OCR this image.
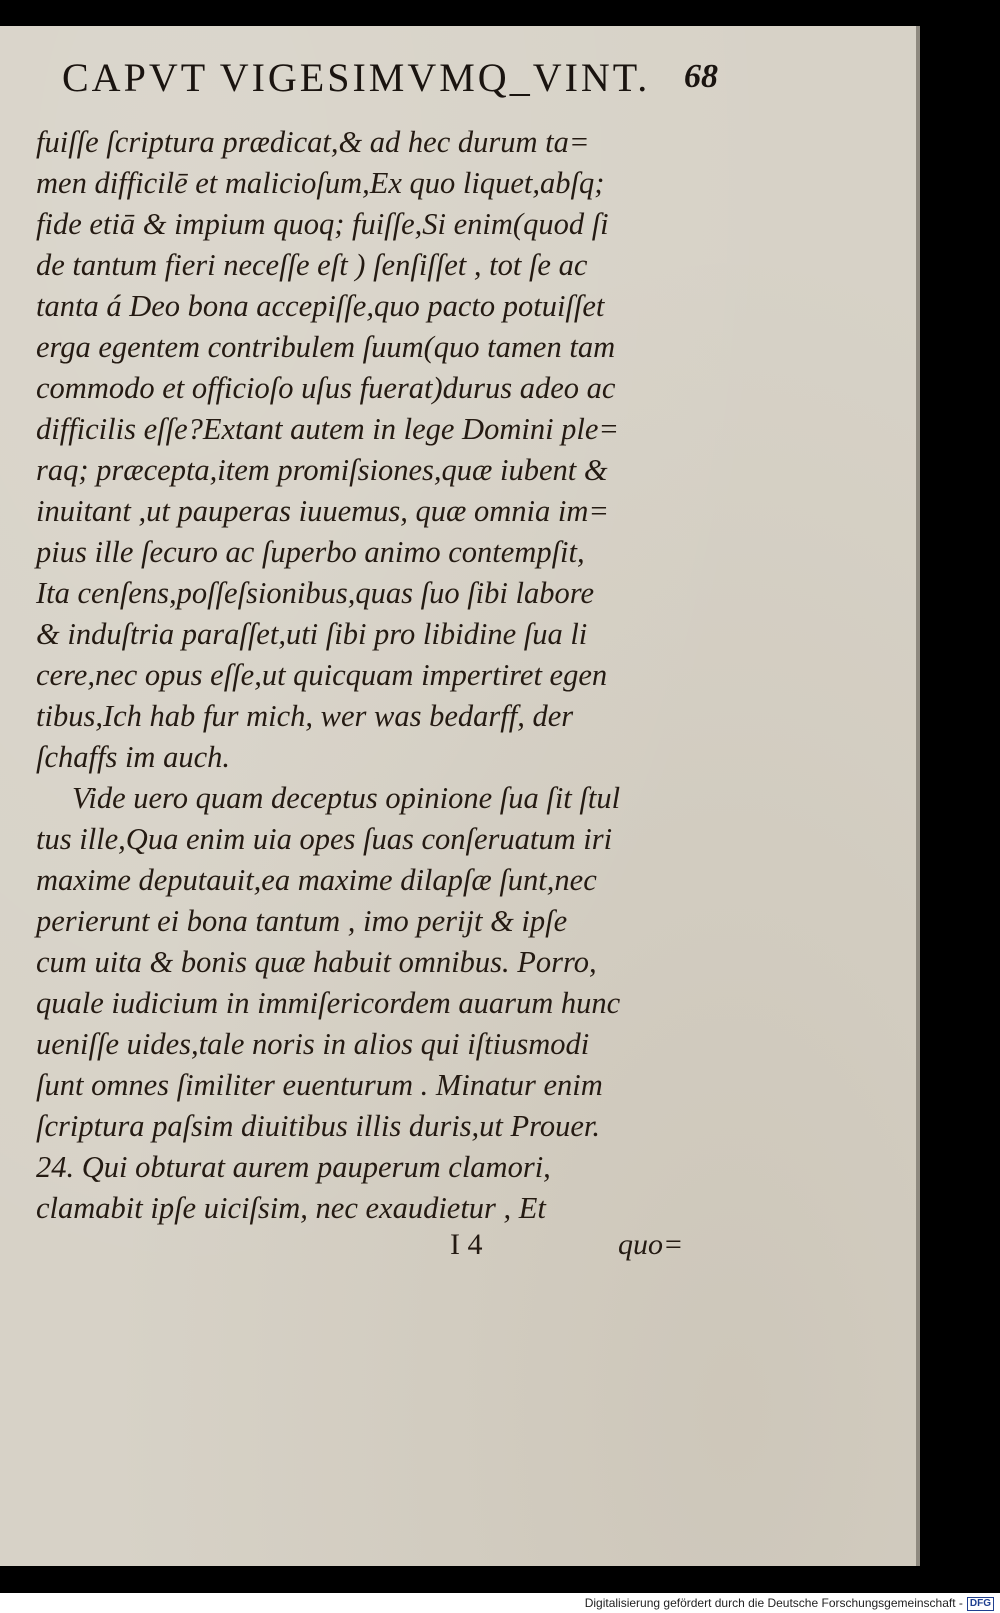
CAPVT VIGESIMVMQ_VINT. 68
fuiſſe ſcriptura prædicat,& ad hec durum ta=
men difficilē et malicioſum,Ex quo liquet,abſq;
fide etiā & impium quoq; fuiſſe,Si enim(quod ſi
de tantum fieri neceſſe eſt ) ſenſiſſet , tot ſe ac
tanta á Deo bona accepiſſe,quo pacto potuiſſet
erga egentem contribulem ſuum(quo tamen tam
commodo et officioſo uſus fuerat)durus adeo ac
difficilis eſſe?Extant autem in lege Domini ple=
raq; præcepta,item promiſsiones,quæ iubent &
inuitant ,ut pauperas iuuemus, quæ omnia im=
pius ille ſecuro ac ſuperbo animo contempſit,
Ita cenſens,poſſeſsionibus,quas ſuo ſibi labore
& induſtria paraſſet,uti ſibi pro libidine ſua li
cere,nec opus eſſe,ut quicquam impertiret egen
tibus,Ich hab fur mich, wer was bedarff, der
ſchaffs im auch.
Vide uero quam deceptus opinione ſua ſit ſtul
tus ille,Qua enim uia opes ſuas conſeruatum iri
maxime deputauit,ea maxime dilapſæ ſunt,nec
perierunt ei bona tantum , imo perijt & ipſe
cum uita & bonis quæ habuit omnibus. Porro,
quale iudicium in immiſericordem auarum hunc
ueniſſe uides,tale noris in alios qui iſtiusmodi
ſunt omnes ſimiliter euenturum . Minatur enim
ſcriptura paſsim diuitibus illis duris,ut Prouer.
24. Qui obturat aurem pauperum clamori,
clamabit ipſe uiciſsim, nec exaudietur , Et
I 4	quo=
Digitalisierung gefördert durch die Deutsche Forschungsgemeinschaft - DFG
